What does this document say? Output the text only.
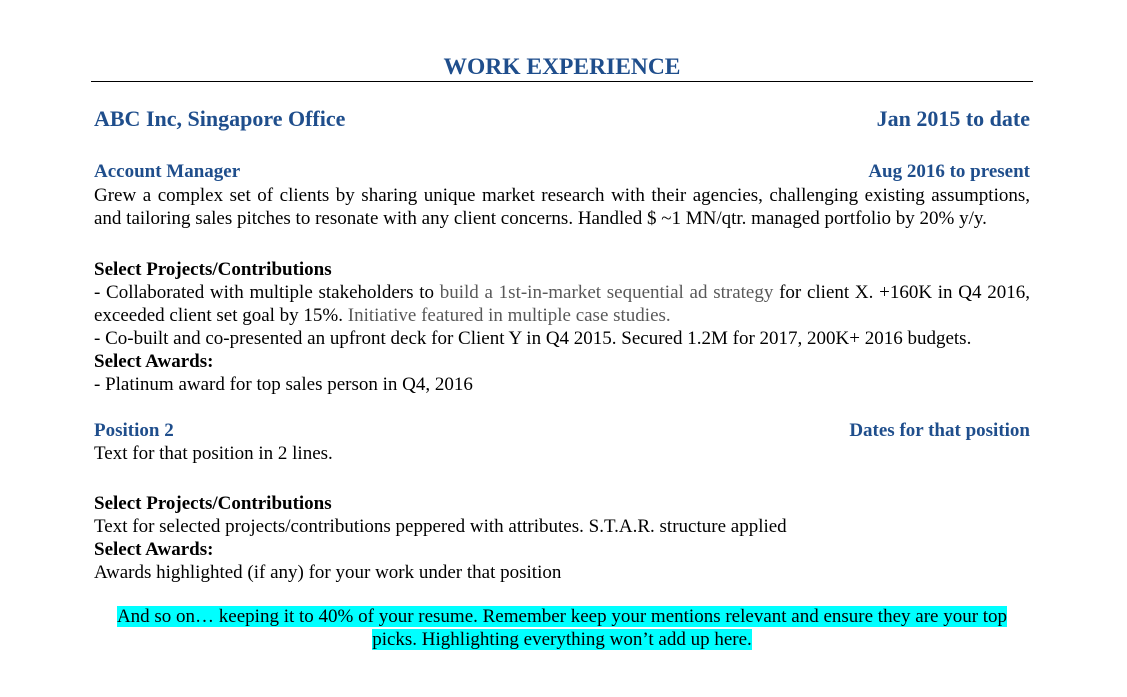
WORK EXPERIENCE
ABC Inc, Singapore Office	Jan 2015 to date
Account Manager	Aug 2016 to present

Grew a complex set of clients by sharing unique market research with their agencies, challenging existing assumptions, and tailoring sales pitches to resonate with any client concerns. Handled $ ~1 MN/qtr. managed portfolio by 20% y/y.

Select Projects/Contributions

- Collaborated with multiple stakeholders to build a 1st-in-market sequential ad strategy for client X. +160K in Q4 2016, exceeded client set goal by 15%. Initiative featured in multiple case studies.

- Co-built and co-presented an upfront deck for Client Y in Q4 2015. Secured 1.2M for 2017, 200K+ 2016 budgets.

Select Awards:

- Platinum award for top sales person in Q4, 2016

Position 2	Dates for that position

Text for that position in 2 lines.

Select Projects/Contributions

Text for selected projects/contributions peppered with attributes. S.T.A.R. structure applied

Select Awards:

Awards highlighted (if any) for your work under that position

And so on… keeping it to 40% of your resume. Remember keep your mentions relevant and ensure they are your top picks. Highlighting everything won’t add up here.
